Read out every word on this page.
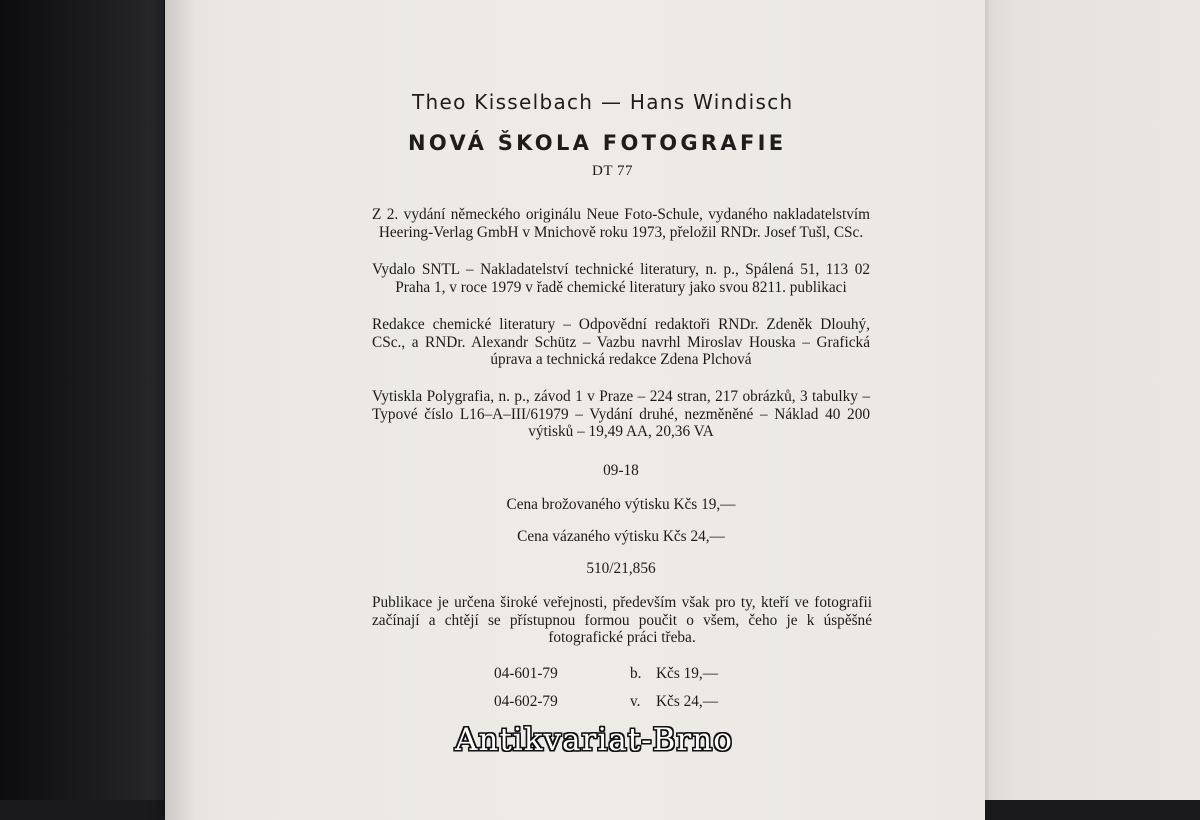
Theo Kisselbach — Hans Windisch
NOVÁ ŠKOLA FOTOGRAFIE
DT 77
Z 2. vydání německého originálu Neue Foto-Schule, vydaného nakladatelstvím Heering-Verlag GmbH v Mnichově roku 1973, přeložil RNDr. Josef Tušl, CSc.
Vydalo SNTL – Nakladatelství technické literatury, n. p., Spálená 51, 113 02 Praha 1, v roce 1979 v řadě chemické literatury jako svou 8211. publikaci
Redakce chemické literatury – Odpovědní redaktoři RNDr. Zdeněk Dlouhý, CSc., a RNDr. Alexandr Schütz – Vazbu navrhl Miroslav Houska – Grafická úprava a technická redakce Zdena Plchová
Vytiskla Polygrafia, n. p., závod 1 v Praze – 224 stran, 217 obrázků, 3 tabulky – Typové číslo L16–A–III/61979 – Vydání druhé, nezměněné – Náklad 40 200 výtisků – 19,49 AA, 20,36 VA
09-18
Cena brožovaného výtisku Kčs 19,—
Cena vázaného výtisku Kčs 24,—
510/21,856
Publikace je určena široké veřejnosti, především však pro ty, kteří ve fotografii začínají a chtějí se přístupnou formou poučit o všem, čeho je k úspěšné fotografické práci třeba.
04-601-79	b. Kčs 19,—
04-602-79	v. Kčs 24,—
Antikvariat-Brno
